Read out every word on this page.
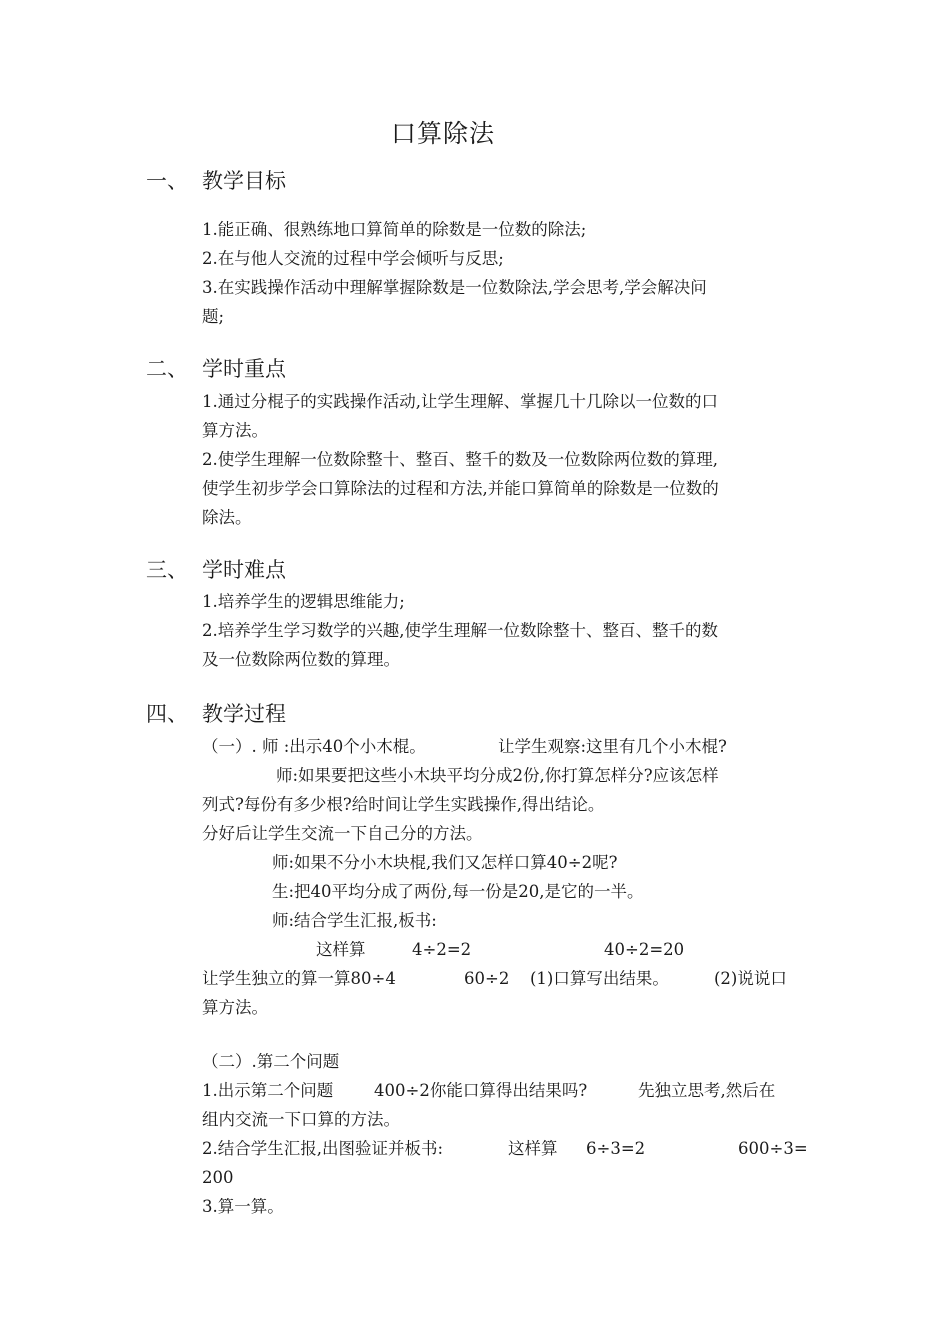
口算除法
一、 教学目标

1.能正确、很熟练地口算简单的除数是一位数的除法;

2.在与他人交流的过程中学会倾听与反思;

3.在实践操作活动中理解掌握除数是一位数除法,学会思考,学会解决问

题;

二、 学时重点

1.通过分棍子的实践操作活动,让学生理解、掌握几十几除以一位数的口

算方法。

2.使学生理解一位数除整十、整百、整千的数及一位数除两位数的算理,

使学生初步学会口算除法的过程和方法,并能口算简单的除数是一位数的

除法。

三、 学时难点

1.培养学生的逻辑思维能力;

2.培养学生学习数学的兴趣,使学生理解一位数除整十、整百、整千的数

及一位数除两位数的算理。

四、 教学过程
（一）. 师 :出示40个小木棍。	让学生观察:这里有几个小木棍?

师:如果要把这些小木块平均分成2份,你打算怎样分?应该怎样

列式?每份有多少根?给时间让学生实践操作,得出结论。

分好后让学生交流一下自己分的方法。

师:如果不分小木块棍,我们又怎样口算40÷2呢?

生:把40平均分成了两份,每一份是20,是它的一半。

师:结合学生汇报,板书:

这样算	4÷2=2	40÷2=20
让学生独立的算一算80÷4	60÷2 (1)口算写出结果。	(2)说说口

算方法。

（二）.第二个问题

1.出示第二个问题 400÷2你能口算得出结果吗?	先独立思考,然后在

组内交流一下口算的方法。

2.结合学生汇报,出图验证并板书:	这样算 6÷3=2	600÷3=

200

3.算一算。
